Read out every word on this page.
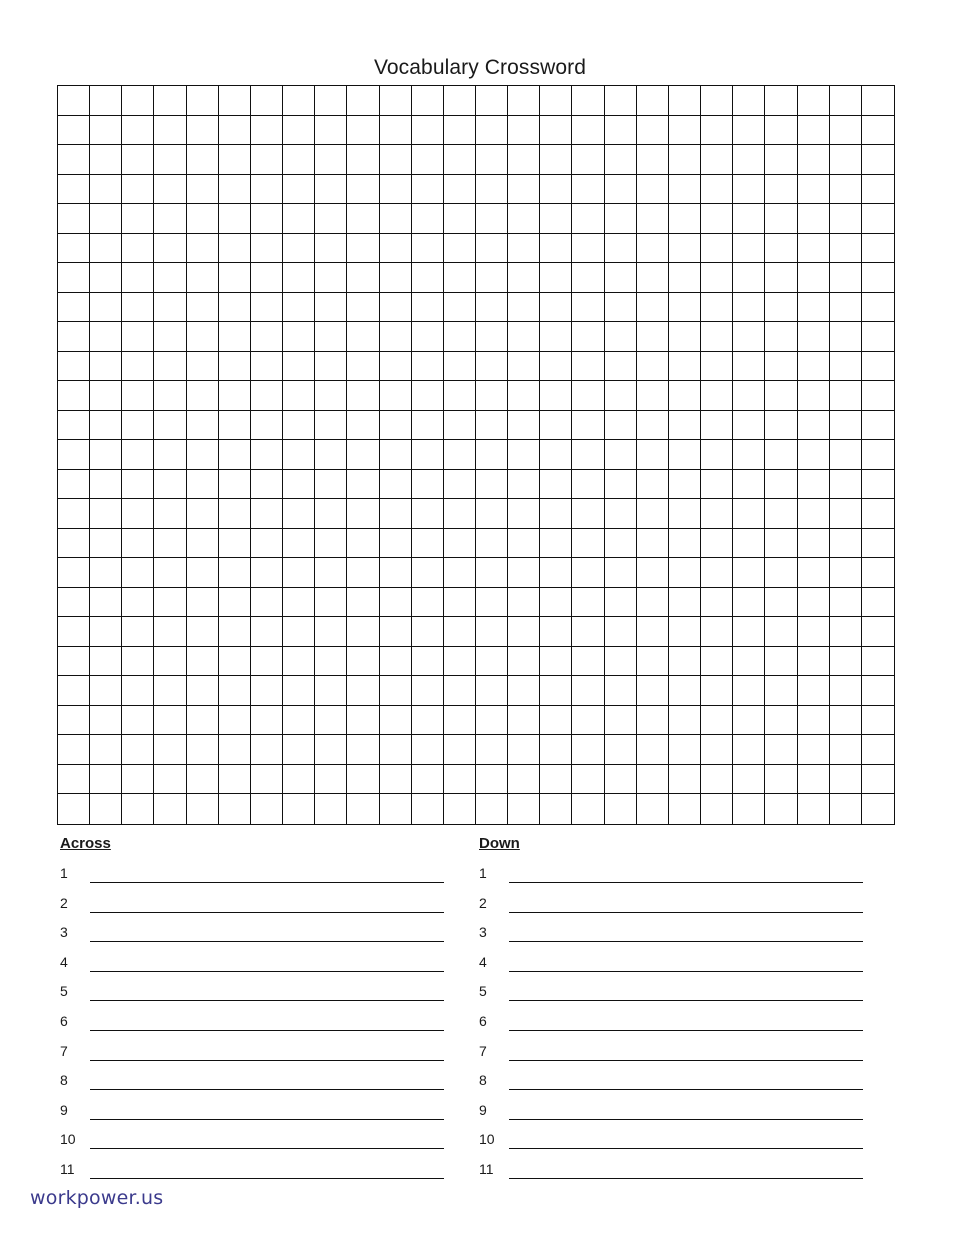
Vocabulary Crossword
Across
1
2
3
4
5
6
7
8
9
10
11
Down
1
2
3
4
5
6
7
8
9
10
11
workpower.us
